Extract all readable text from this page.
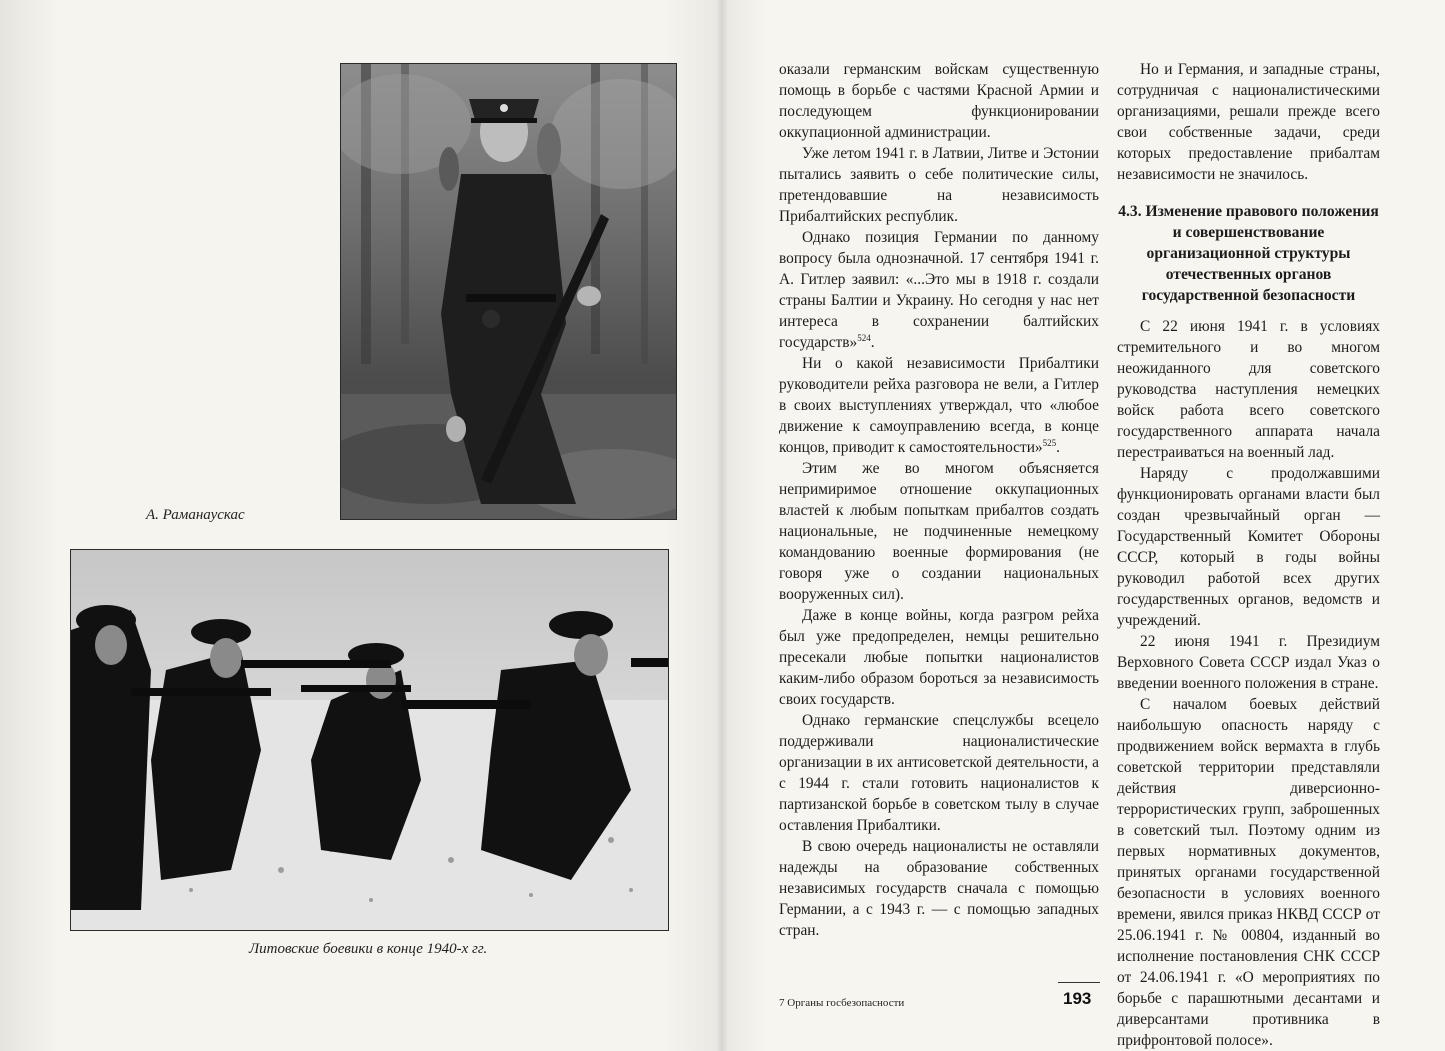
А. Раманаускас
Литовские боевики в конце 1940-х гг.

оказали германским войскам существенную помощь в борьбе с частями Красной Армии и последующем функционировании оккупационной администрации.

Уже летом 1941 г. в Латвии, Литве и Эстонии пытались заявить о себе политические силы, претендовавшие на независимость Прибалтийских республик.

Однако позиция Германии по данному вопросу была однозначной. 17 сентября 1941 г. А. Гитлер заявил: «...Это мы в 1918 г. создали страны Балтии и Украину. Но сегодня у нас нет интереса в сохранении балтийских государств»$^{524}$.

Ни о какой независимости Прибалтики руководители рейха разговора не вели, а Гитлер в своих выступлениях утверждал, что «любое движение к самоуправлению всегда, в конце концов, приводит к самостоятельности»$^{525}$.

Этим же во многом объясняется непримиримое отношение оккупационных властей к любым попыткам прибалтов создать национальные, не подчиненные немецкому командованию военные формирования (не говоря уже о создании национальных вооруженных сил).

Даже в конце войны, когда разгром рейха был уже предопределен, немцы решительно пресекали любые попытки националистов каким-либо образом бороться за независимость своих государств.

Однако германские спецслужбы всецело поддерживали националистические организации в их антисоветской деятельности, а с 1944 г. стали готовить националистов к партизанской борьбе в советском тылу в случае оставления Прибалтики.

В свою очередь националисты не оставляли надежды на образование собственных независимых государств сначала с помощью Германии, а с 1943 г. — с помощью западных стран.

Но и Германия, и западные страны, сотрудничая с националистическими организациями, решали прежде всего свои собственные задачи, среди которых предоставление прибалтам независимости не значилось.

4.3. Изменение правового положения и совершенствование организационной структуры отечественных органов государственной безопасности

С 22 июня 1941 г. в условиях стремительного и во многом неожиданного для советского руководства наступления немецких войск работа всего советского государственного аппарата начала перестраиваться на военный лад.

Наряду с продолжавшими функционировать органами власти был создан чрезвычайный орган — Государственный Комитет Обороны СССР, который в годы войны руководил работой всех других государственных органов, ведомств и учреждений.

22 июня 1941 г. Президиум Верховного Совета СССР издал Указ о введении военного положения в стране.

С началом боевых действий наибольшую опасность наряду с продвижением войск вермахта в глубь советской территории представляли действия диверсионно-террористических групп, заброшенных в советский тыл. Поэтому одним из первых нормативных документов, принятых органами государственной безопасности в условиях военного времени, явился приказ НКВД СССР от 25.06.1941 г. № 00804, изданный во исполнение постановления СНК СССР от 24.06.1941 г. «О мероприятиях по борьбе с парашютными десантами и диверсантами противника в прифронтовой полосе».

7 Органы госбезопасности	193
